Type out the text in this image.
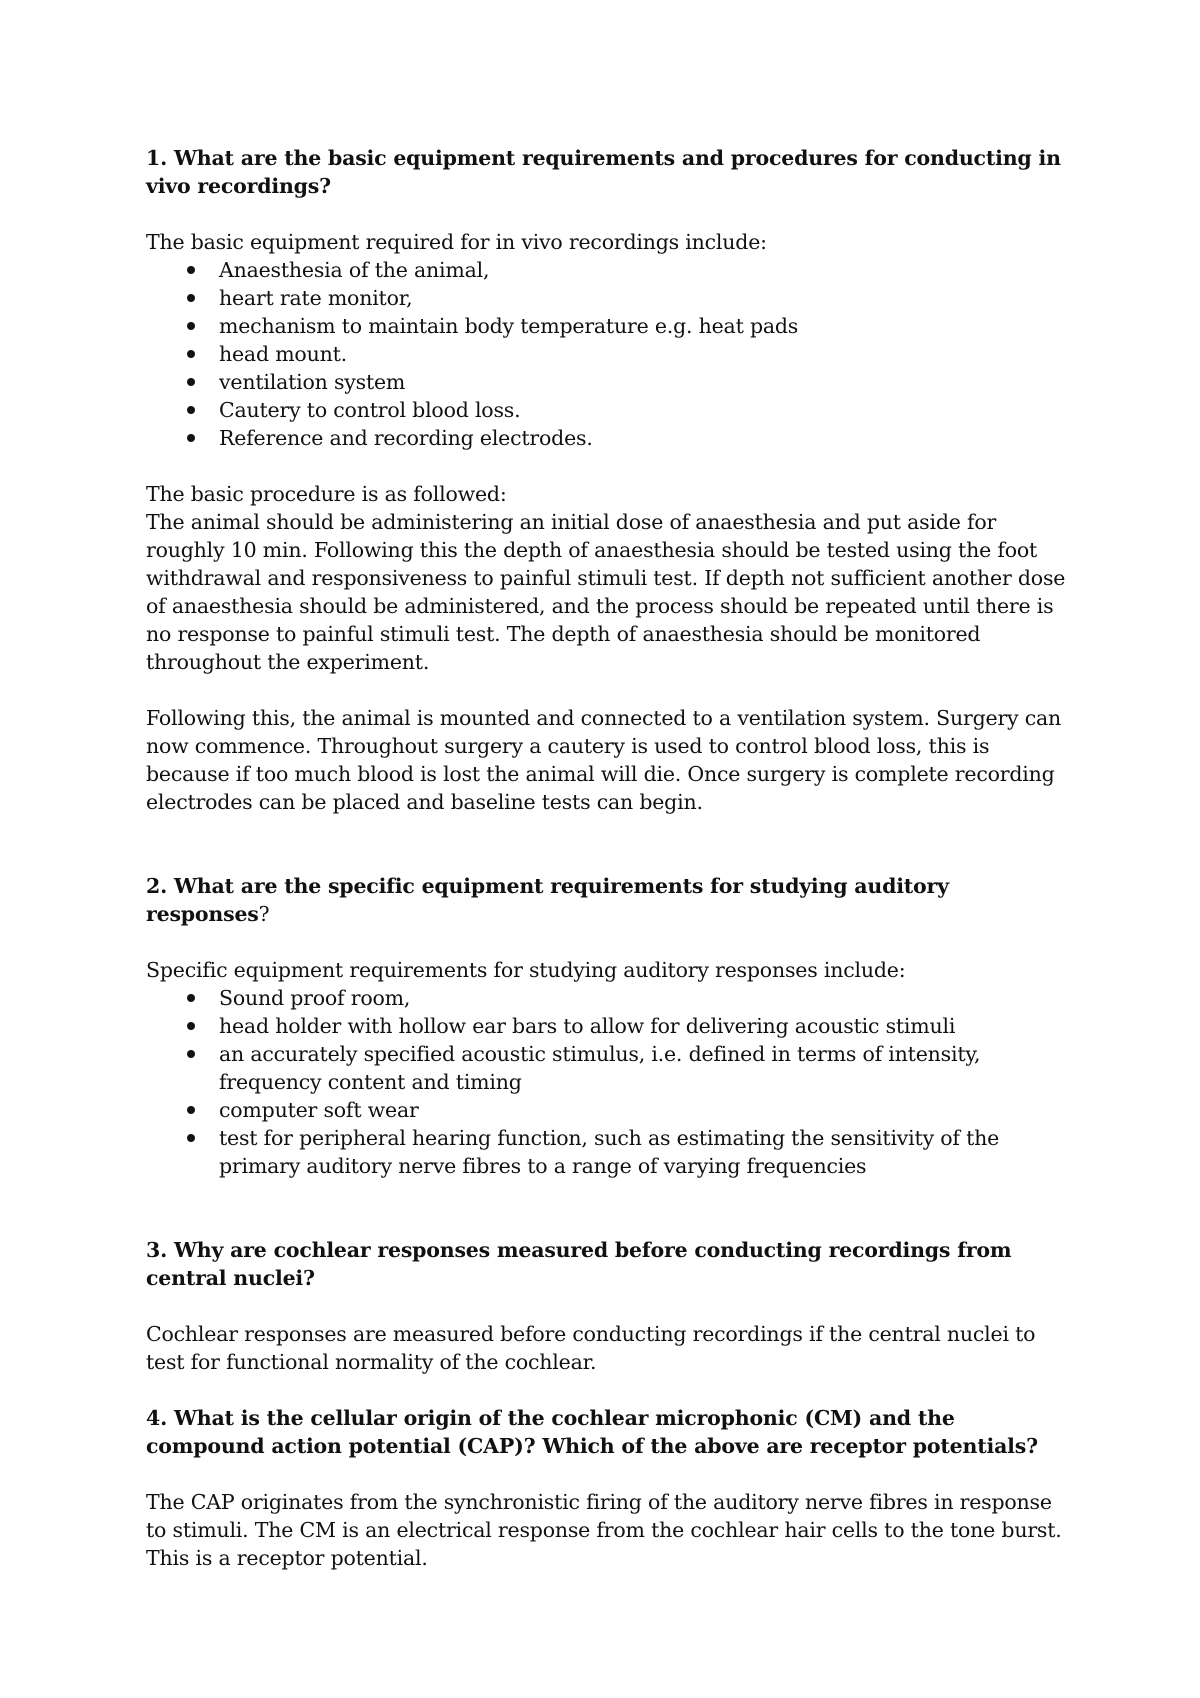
1. What are the basic equipment requirements and procedures for conducting in vivo recordings?

The basic equipment required for in vivo recordings include:

Anaesthesia of the animal,
heart rate monitor,
mechanism to maintain body temperature e.g. heat pads
head mount.
ventilation system
Cautery to control blood loss.
Reference and recording electrodes.

The basic procedure is as followed:

The animal should be administering an initial dose of anaesthesia and put aside for roughly 10 min. Following this the depth of anaesthesia should be tested using the foot withdrawal and responsiveness to painful stimuli test. If depth not sufficient another dose of anaesthesia should be administered, and the process should be repeated until there is no response to painful stimuli test. The depth of anaesthesia should be monitored throughout the experiment.

Following this, the animal is mounted and connected to a ventilation system. Surgery can now commence. Throughout surgery a cautery is used to control blood loss, this is because if too much blood is lost the animal will die. Once surgery is complete recording electrodes can be placed and baseline tests can begin.

2. What are the specific equipment requirements for studying auditory responses?

Specific equipment requirements for studying auditory responses include:

Sound proof room,
head holder with hollow ear bars to allow for delivering acoustic stimuli
an accurately specified acoustic stimulus, i.e. defined in terms of intensity, frequency content and timing
computer soft wear
test for peripheral hearing function, such as estimating the sensitivity of the primary auditory nerve fibres to a range of varying frequencies

3. Why are cochlear responses measured before conducting recordings from central nuclei?

Cochlear responses are measured before conducting recordings if the central nuclei to test for functional normality of the cochlear.

4. What is the cellular origin of the cochlear microphonic (CM) and the compound action potential (CAP)? Which of the above are receptor potentials?

The CAP originates from the synchronistic firing of the auditory nerve fibres in response to stimuli. The CM is an electrical response from the cochlear hair cells to the tone burst. This is a receptor potential.
